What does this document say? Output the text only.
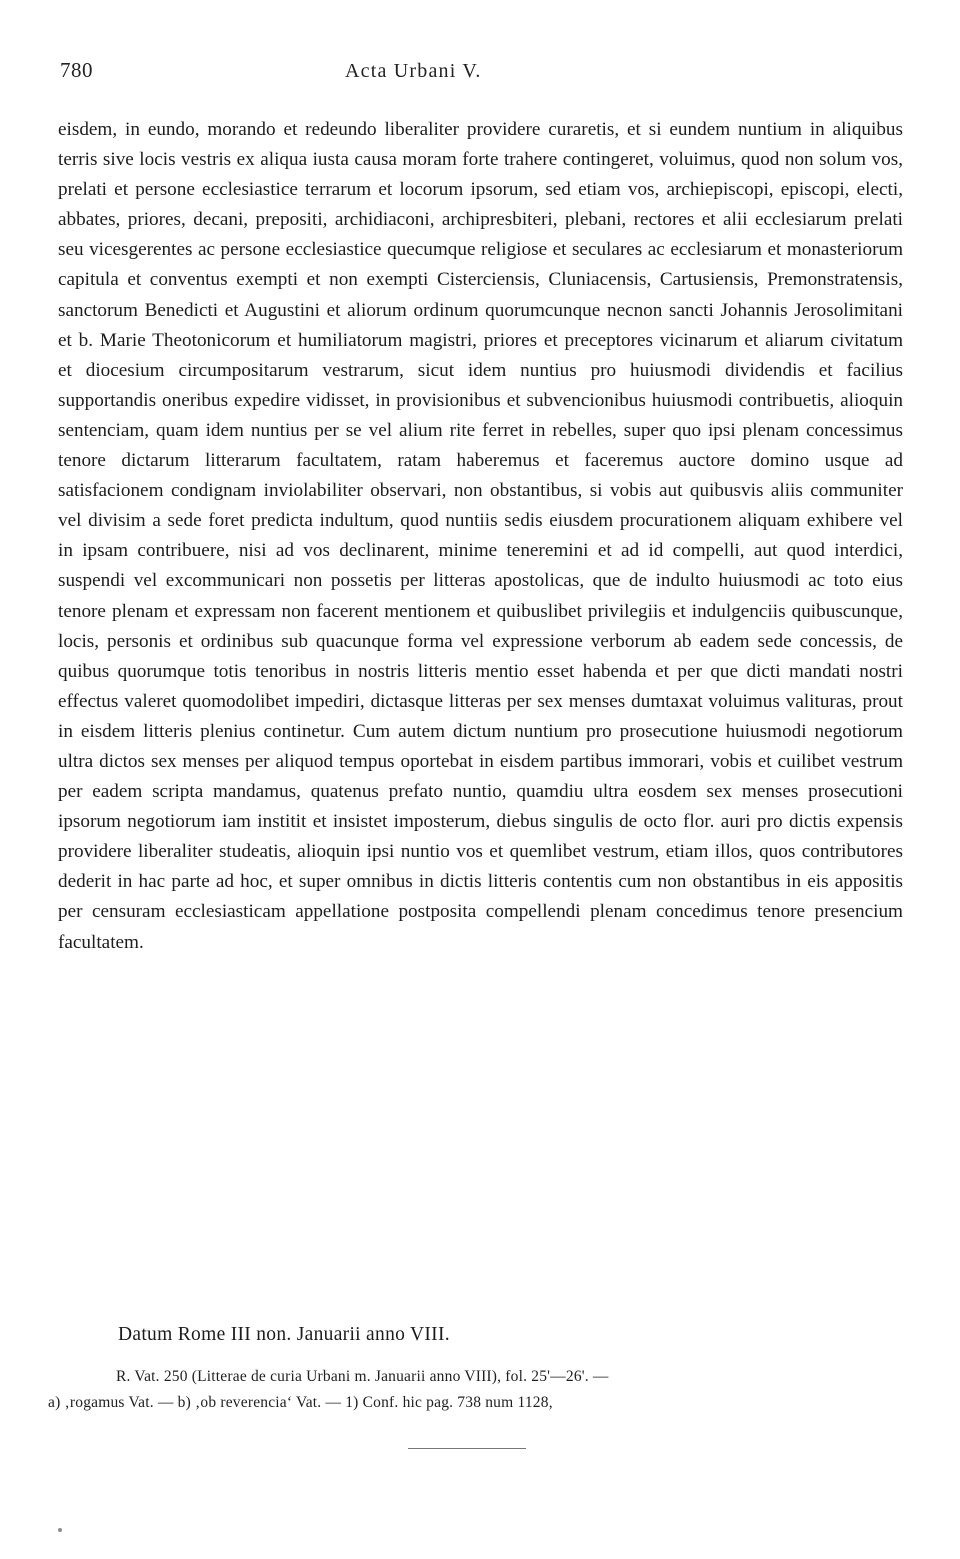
780	Acta Urbani V.

eisdem, in eundo, morando et redeundo liberaliter providere curaretis, et si eundem nuntium in aliquibus terris sive locis vestris ex aliqua iusta causa moram forte trahere contingeret, voluimus, quod non solum vos, prelati et persone ecclesiastice terrarum et locorum ipsorum, sed etiam vos, archiepiscopi, episcopi, electi, abbates, priores, decani, prepositi, archidiaconi, archipresbiteri, plebani, rectores et alii ecclesiarum prelati seu vicesgerentes ac persone ecclesiastice quecumque religiose et seculares ac ecclesiarum et monasteriorum capitula et conventus exempti et non exempti Cisterciensis, Cluniacensis, Cartusiensis, Premonstratensis, sanctorum Benedicti et Augustini et aliorum ordinum quorumcunque necnon sancti Johannis Jerosolimitani et b. Marie Theotonicorum et humiliatorum magistri, priores et preceptores vicinarum et aliarum civitatum et diocesium circumpositarum vestrarum, sicut idem nuntius pro huiusmodi dividendis et facilius supportandis oneribus expedire vidisset, in provisionibus et subvencionibus huiusmodi contribuetis, alioquin sentenciam, quam idem nuntius per se vel alium rite ferret in rebelles, super quo ipsi plenam concessimus tenore dictarum litterarum facultatem, ratam haberemus et faceremus auctore domino usque ad satisfacionem condignam inviolabiliter observari, non obstantibus, si vobis aut quibusvis aliis communiter vel divisim a sede foret predicta indultum, quod nuntiis sedis eiusdem procurationem aliquam exhibere vel in ipsam contribuere, nisi ad vos declinarent, minime teneremini et ad id compelli, aut quod interdici, suspendi vel excommunicari non possetis per litteras apostolicas, que de indulto huiusmodi ac toto eius tenore plenam et expressam non facerent mentionem et quibuslibet privilegiis et indulgenciis quibuscunque, locis, personis et ordinibus sub quacunque forma vel expressione verborum ab eadem sede concessis, de quibus quorumque totis tenoribus in nostris litteris mentio esset habenda et per que dicti mandati nostri effectus valeret quomodolibet impediri, dictasque litteras per sex menses dumtaxat voluimus valituras, prout in eisdem litteris plenius continetur. Cum autem dictum nuntium pro prosecutione huiusmodi negotiorum ultra dictos sex menses per aliquod tempus oportebat in eisdem partibus immorari, vobis et cuilibet vestrum per eadem scripta mandamus, quatenus prefato nuntio, quamdiu ultra eosdem sex menses prosecutioni ipsorum negotiorum iam institit et insistet imposterum, diebus singulis de octo flor. auri pro dictis expensis providere liberaliter studeatis, alioquin ipsi nuntio vos et quemlibet vestrum, etiam illos, quos contributores dederit in hac parte ad hoc, et super omnibus in dictis litteris contentis cum non obstantibus in eis appositis per censuram ecclesiasticam appellatione postposita compellendi plenam concedimus tenore presencium facultatem.

Datum Rome III non. Januarii anno VIII.
R. Vat. 250 (Litterae de curia Urbani m. Januarii anno VIII), fol. 25'—26'. —
a) ‚rogamus Vat. — b) ‚ob reverencia‘ Vat. — 1) Conf. hic pag. 738 num 1128,
